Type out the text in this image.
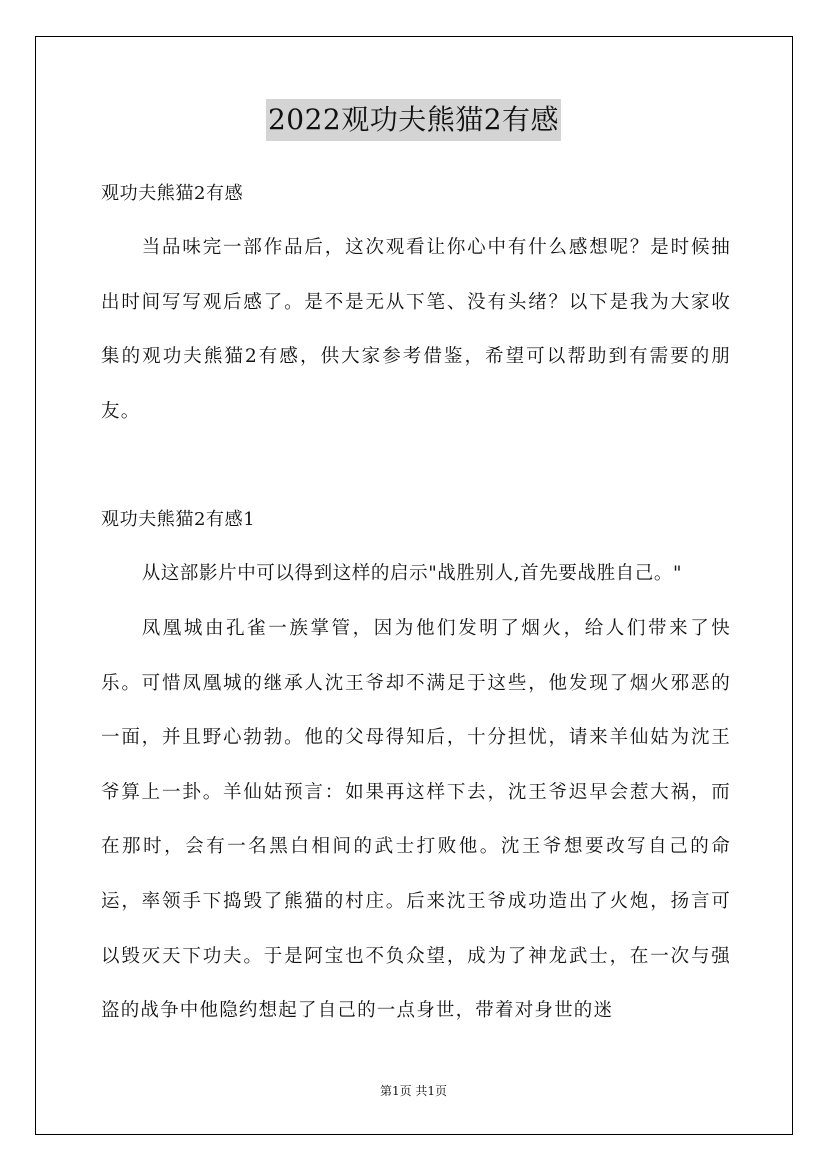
2022观功夫熊猫2有感
观功夫熊猫2有感

当品味完一部作品后，这次观看让你心中有什么感想呢？是时候抽出时间写写观后感了。是不是无从下笔、没有头绪？以下是我为大家收集的观功夫熊猫2有感，供大家参考借鉴，希望可以帮助到有需要的朋友。

观功夫熊猫2有感1

从这部影片中可以得到这样的启示"战胜别人,首先要战胜自己。"

凤凰城由孔雀一族掌管，因为他们发明了烟火，给人们带来了快乐。可惜凤凰城的继承人沈王爷却不满足于这些，他发现了烟火邪恶的一面，并且野心勃勃。他的父母得知后，十分担忧，请来羊仙姑为沈王爷算上一卦。羊仙姑预言：如果再这样下去，沈王爷迟早会惹大祸，而在那时，会有一名黑白相间的武士打败他。沈王爷想要改写自己的命运，率领手下捣毁了熊猫的村庄。后来沈王爷成功造出了火炮，扬言可以毁灭天下功夫。于是阿宝也不负众望，成为了神龙武士，在一次与强盗的战争中他隐约想起了自己的一点身世，带着对身世的迷

第1页 共1页
